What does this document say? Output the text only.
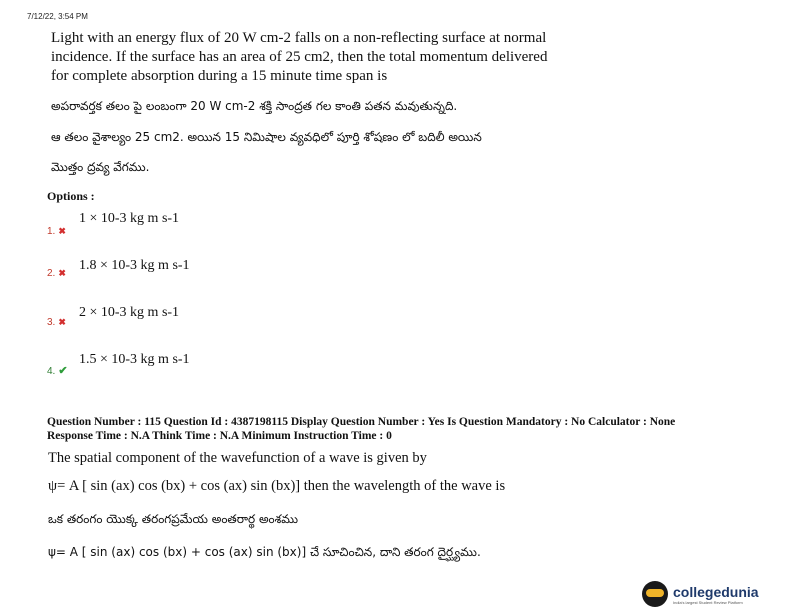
7/12/22, 3:54 PM
Light with an energy flux of 20 W cm-2 falls on a non-reflecting surface at normal
incidence. If the surface has an area of 25 cm2, then the total momentum delivered
for complete absorption during a 15 minute time span is
అపరావర్తక తలం పై లంబంగా 20 W cm-2 శక్తి సాంద్రత గల కాంతి పతన మవుతున్నది.
ఆ తలం వైశాల్యం 25 cm2. అయిన 15 నిమిషాల వ్యవధిలో పూర్తి శోషణం లో బదిలీ అయిన
మొత్తం ద్రవ్య వేగము.
Options :
1 × 10-3 kg m s-1
1. ✖
1.8 × 10-3 kg m s-1
2. ✖
2 × 10-3 kg m s-1
3. ✖
1.5 × 10-3 kg m s-1
4. ✔
Question Number : 115 Question Id : 4387198115 Display Question Number : Yes Is Question Mandatory : No Calculator : None
Response Time : N.A Think Time : N.A Minimum Instruction Time : 0
The spatial component of the wavefunction of a wave is given by
ψ= A [ sin (ax) cos (bx) + cos (ax) sin (bx)] then the wavelength of the wave is
ఒక తరంగం యొక్క తరంగప్రమేయ అంతరార్థ అంశము
ψ= A [ sin (ax) cos (bx) + cos (ax) sin (bx)] చే సూచించిన, దాని తరంగ దైర్ఘ్యము.
collegedunia
India's largest Student Review Platform
